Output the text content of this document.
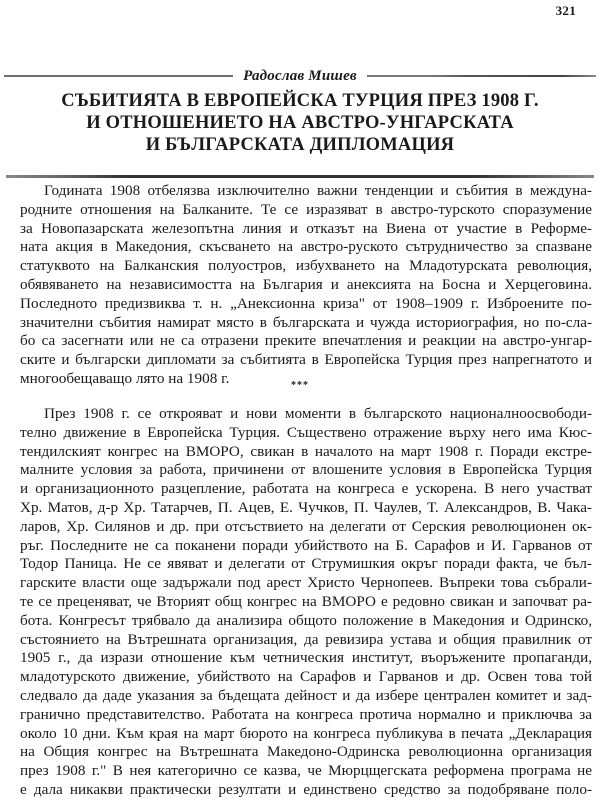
321
Радослав Мишев
СЪБИТИЯТА В ЕВРОПЕЙСКА ТУРЦИЯ ПРЕЗ 1908 Г.
И ОТНОШЕНИЕТО НА АВСТРО-УНГАРСКАТА
И БЪЛГАРСКАТА ДИПЛОМАЦИЯ
Годината 1908 отбелязва изключително важни тенденции и събития в междуна-
родните отношения на Балканите. Те се изразяват в австро-турското споразумение
за Новопазарската железопътна линия и отказът на Виена от участие в Реформе-
ната акция в Македония, скъсването на австро-руското сътрудничество за спазване
статуквото на Балканския полуостров, избухването на Младотурската революция,
обявяването на независимостта на България и анексията на Босна и Херцеговина.
Последното предизвиква т. н. „Анексионна криза" от 1908–1909 г. Изброените по-
значителни събития намират място в българската и чужда историография, но по-сла-
бо са засегнати или не са отразени преките впечатления и реакции на австро-унгар-
ските и български дипломати за събитията в Европейска Турция през напрегнатото и
многообещаващо лято на 1908 г.	***
През 1908 г. се открояват и нови моменти в българското националноосвободи-
телно движение в Европейска Турция. Съществено отражение върху него има Кюс-
тендилският конгрес на ВМОРО, свикан в началото на март 1908 г. Поради екстре-
малните условия за работа, причинени от влошените условия в Европейска Турция
и организационното разцепление, работата на конгреса е ускорена. В него участват
Хр. Матов, д-р Хр. Татарчев, П. Ацев, Е. Чучков, П. Чаулев, Т. Александров, В. Чака-
ларов, Хр. Силянов и др. при отсъствието на делегати от Серския революционен ок-
ръг. Последните не са поканени поради убийството на Б. Сарафов и И. Гарванов от
Тодор Паница. Не се явяват и делегати от Струмишкия окръг поради факта, че бъл-
гарските власти още задържали под арест Христо Чернопеев. Въпреки това събрали-
те се преценяват, че Вторият общ конгрес на ВМОРО е редовно свикан и започват ра-
бота. Конгресът трябвало да анализира общото положение в Македония и Одринско,
състоянието на Вътрешната организация, да ревизира устава и общия правилник от
1905 г., да изрази отношение към четническия институт, въоръжените пропаганди,
младотурското движение, убийството на Сарафов и Гарванов и др. Освен това той
следвало да даде указания за бъдещата дейност и да избере централен комитет и зад-
гранично представителство. Работата на конгреса протича нормално и приключва за
около 10 дни. Към края на март бюрото на конгреса публикува в печата „Декларация
на Общия конгрес на Вътрешната Македоно-Одринска революционна организация
през 1908 г." В нея категорично се казва, че Мюрцщегската реформена програма не
е дала никакви практически резултати и единствено средство за подобряване поло-
